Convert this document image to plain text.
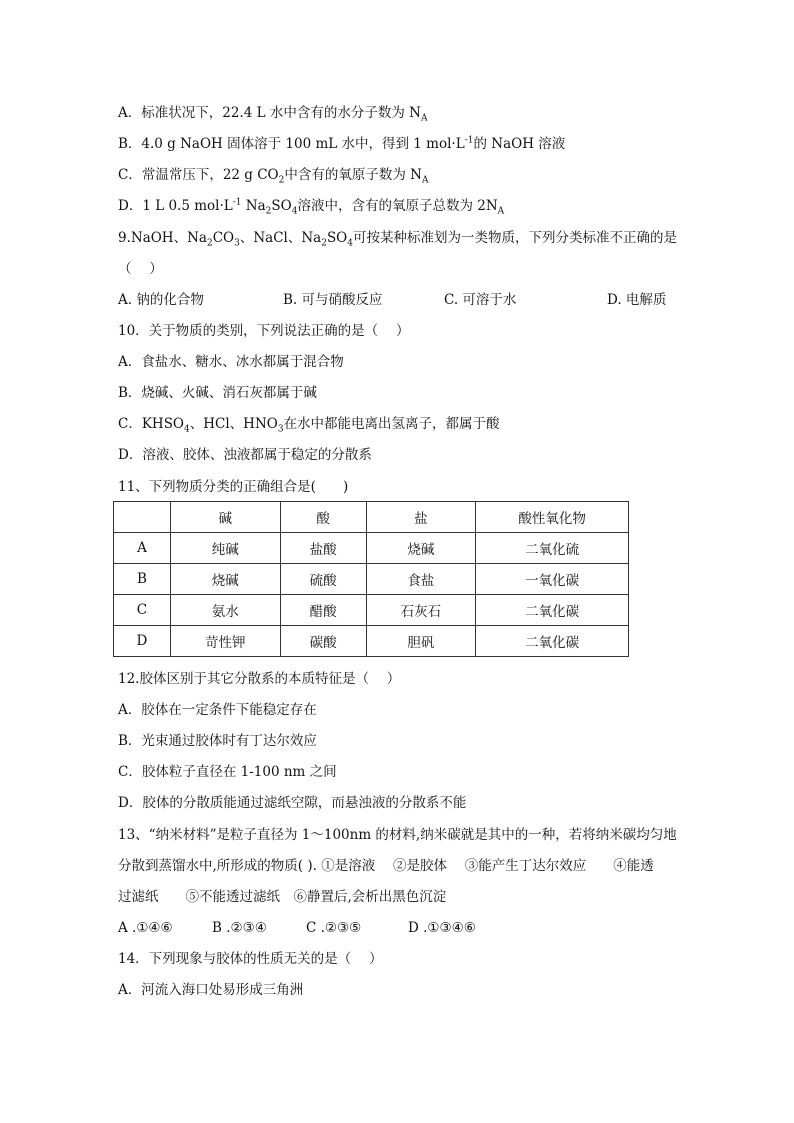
A．标准状况下，22.4 L 水中含有的水分子数为 $N_A$
B．4.0 g NaOH 固体溶于 100 mL 水中，得到 1 $mol\cdot L^{-1}$的 NaOH 溶液
C．常温常压下，22 g $CO_2$中含有的氧原子数为 $N_A$
D．1 L 0.5 $mol\cdot L^{-1}$ $Na_2SO_4$溶液中，含有的氧原子总数为 $2N_A$
9.NaOH、$Na_2CO_3$、NaCl、$Na_2SO_4$可按某种标准划为一类物质，下列分类标准不正确的是
（　 ）
A. 钠的化合物	B. 可与硝酸反应	C. 可溶于水	D. 电解质
10．关于物质的类别，下列说法正确的是（　 ）
A．食盐水、糖水、冰水都属于混合物
B．烧碱、火碱、消石灰都属于碱
C．$KHSO_4$、HCl、$HNO_3$在水中都能电离出氢离子，都属于酸
D．溶液、胶体、浊液都属于稳定的分散系
11、下列物质分类的正确组合是(　　)
	碱	酸	盐	酸性氧化物
A	纯碱	盐酸	烧碱	二氧化硫
B	烧碱	硫酸	食盐	一氧化碳
C	氨水	醋酸	石灰石	二氧化碳
D	苛性钾	碳酸	胆矾	二氧化碳
12.胶体区别于其它分散系的本质特征是（　 ）
A．胶体在一定条件下能稳定存在
B．光束通过胶体时有丁达尔效应
C．胶体粒子直径在 1-100 nm 之间
D．胶体的分散质能通过滤纸空隙，而悬浊液的分散系不能
13、“纳米材料”是粒子直径为 1～100nm 的材料,纳米碳就是其中的一种，若将纳米碳均匀地
分散到蒸馏水中,所形成的物质( ). ①是溶液　 ②是胶体　 ③能产生丁达尔效应　　④能透
过滤纸　　⑤不能透过滤纸　⑥静置后,会析出黑色沉淀
A .①④⑥	B .②③④	C .②③⑤	D .①③④⑥
14．下列现象与胶体的性质无关的是（　 ）
A．河流入海口处易形成三角洲
